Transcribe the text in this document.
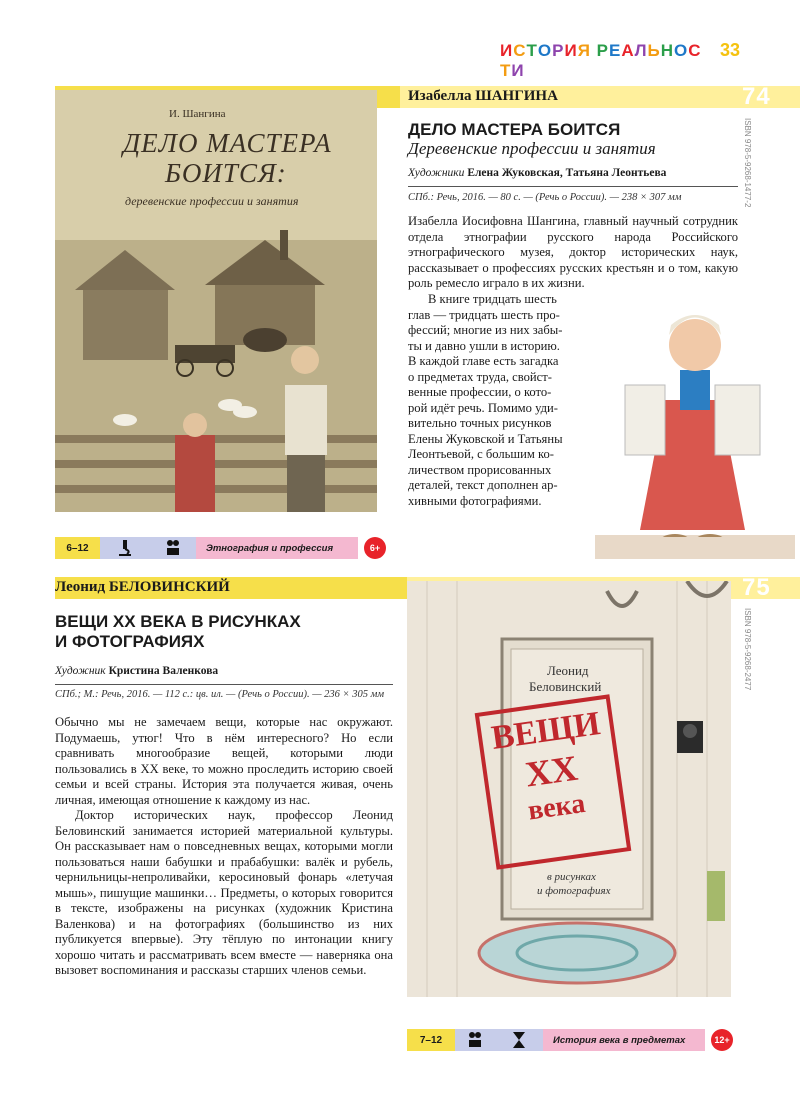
ИСТОРИЯ РЕАЛЬНОСТИ
33
74
Изабелла ШАНГИНА
ДЕЛО МАСТЕРА БОИТСЯ
Деревенские профессии и занятия
Художники Елена Жуковская, Татьяна Леонтьева
СПб.: Речь, 2016. — 80 с. — (Речь о России). — 238 × 307 мм	ISBN 978-5-9268-1477-2

Изабелла Иосифовна Шангина, главный научный сотрудник отдела этнографии русского народа Российского этнографического музея, доктор исторических наук, рассказывает о профессиях русских крестьян и о том, какую роль ремесло играло в их жизни.

В книге тридцать шесть
глав — тридцать шесть про-
фессий; многие из них забы-
ты и давно ушли в историю.
В каждой главе есть загадка
о предметах труда, свойст-
венные профессии, о кото-
рой идёт речь. Помимо уди-
вительно точных рисунков
Елены Жуковской и Татьяны
Леонтьевой, с большим ко-
личеством прорисованных
деталей, текст дополнен ар-
хивными фотографиями.
И. Шангина
ДЕЛО МАСТЕРА
БОИТСЯ:
деревенские профессии и занятия
6–12	Этнография и профессия	6+
75
Леонид БЕЛОВИНСКИЙ
ВЕЩИ XX ВЕКА В РИСУНКАХ
И ФОТОГРАФИЯХ
Художник Кристина Валенкова
СПб.; М.: Речь, 2016. — 112 с.: цв. ил. — (Речь о России). — 236 × 305 мм
ISBN 978-5-9268-2477

Обычно мы не замечаем вещи, которые нас окружают. Подумаешь, утюг! Что в нём интересного? Но если сравнивать многообразие вещей, которыми люди пользовались в XX веке, то можно проследить историю своей семьи и всей страны. История эта получается живая, очень личная, имеющая отношение к каждому из нас.

Доктор исторических наук, профессор Леонид Беловинский занимается историей материальной культуры. Он рассказывает нам о повседневных вещах, которыми могли пользоваться наши бабушки и прабабушки: валёк и рубель, чернильницы-непроливайки, керосиновый фонарь «летучая мышь», пишущие машинки… Предметы, о которых говорится в тексте, изображены на рисунках (художник Кристина Валенкова) и на фотографиях (большинство из них публикуется впервые). Эту тёплую по интонации книгу хорошо читать и рассматривать всем вместе — наверняка она вызовет воспоминания и рассказы старших членов семьи.

Леонид
Беловинский
ВЕЩИ
XX
века
в рисунках
и фотографиях
7–12	История века в предметах	12+
